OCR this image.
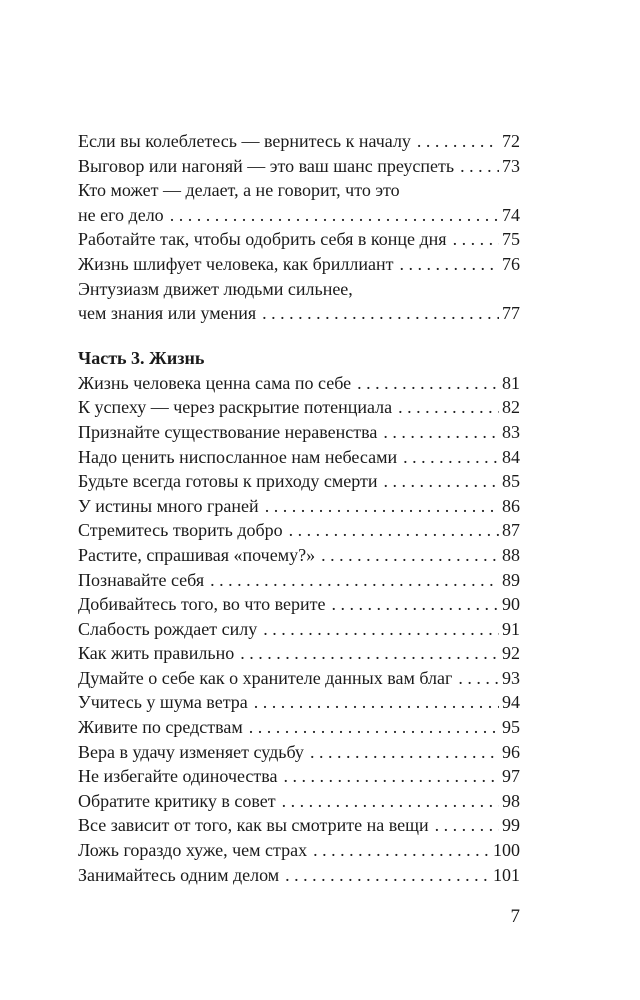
Если вы колеблетесь — вернитесь к началу . . .	72
Выговор или нагоняй — это ваш шанс преуспеть . . .	73
Кто может — делает, а не говорит, что это
не его дело . . .	74
Работайте так, чтобы одобрить себя в конце дня . . .	75
Жизнь шлифует человека, как бриллиант . . .	76
Энтузиазм движет людьми сильнее,
чем знания или умения . . .	77
Часть 3. Жизнь
Жизнь человека ценна сама по себе . . .	81
К успеху — через раскрытие потенциала . . .	82
Признайте существование неравенства . . .	83
Надо ценить ниспосланное нам небесами . . .	84
Будьте всегда готовы к приходу смерти . . .	85
У истины много граней . . .	86
Стремитесь творить добро . . .	87
Растите, спрашивая «почему?» . . .	88
Познавайте себя . . .	89
Добивайтесь того, во что верите . . .	90
Слабость рождает силу . . .	91
Как жить правильно . . .	92
Думайте о себе как о хранителе данных вам благ . . .	93
Учитесь у шума ветра . . .	94
Живите по средствам . . .	95
Вера в удачу изменяет судьбу . . .	96
Не избегайте одиночества . . .	97
Обратите критику в совет . . .	98
Все зависит от того, как вы смотрите на вещи . . .	99
Ложь гораздо хуже, чем страх . . .	100
Занимайтесь одним делом . . .	101
7
